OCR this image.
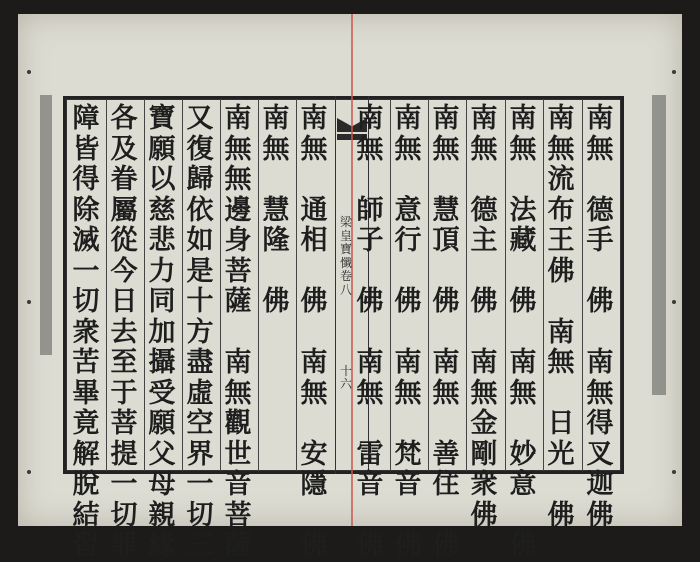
梁
皇
寶
懺
卷
八
十
六
南
無

德
手

佛

南
無
得
叉
迦
佛
南
無
流
布
王
佛

南
無

日
光

佛
南
無

法
藏

佛

南
無

妙
意

佛
南
無

德
主

佛

南
無
金
剛
衆
佛
南
無

慧
頂

佛

南
無

善
住

佛
南
無

意
行

佛

南
無

梵
音

佛
南
無

師
子

佛

南
無

雷
音

佛
南
無

通
相

佛

南
無

安
隱

佛
南
無

慧
隆

佛
南
無
無
邊
身
菩
薩

南
無
觀
世
音
菩
薩
又
復
歸
依
如
是
十
方
盡
虛
空
界
一
切
三
寶
願
以
慈
悲
力
同
加
攝
受
願
父
母
親
緣
各
及
眷
屬
從
今
日
去
至
于
菩
提
一
切
罪
障
皆
得
除
滅
一
切
衆
苦
畢
竟
解
脫
結
習
